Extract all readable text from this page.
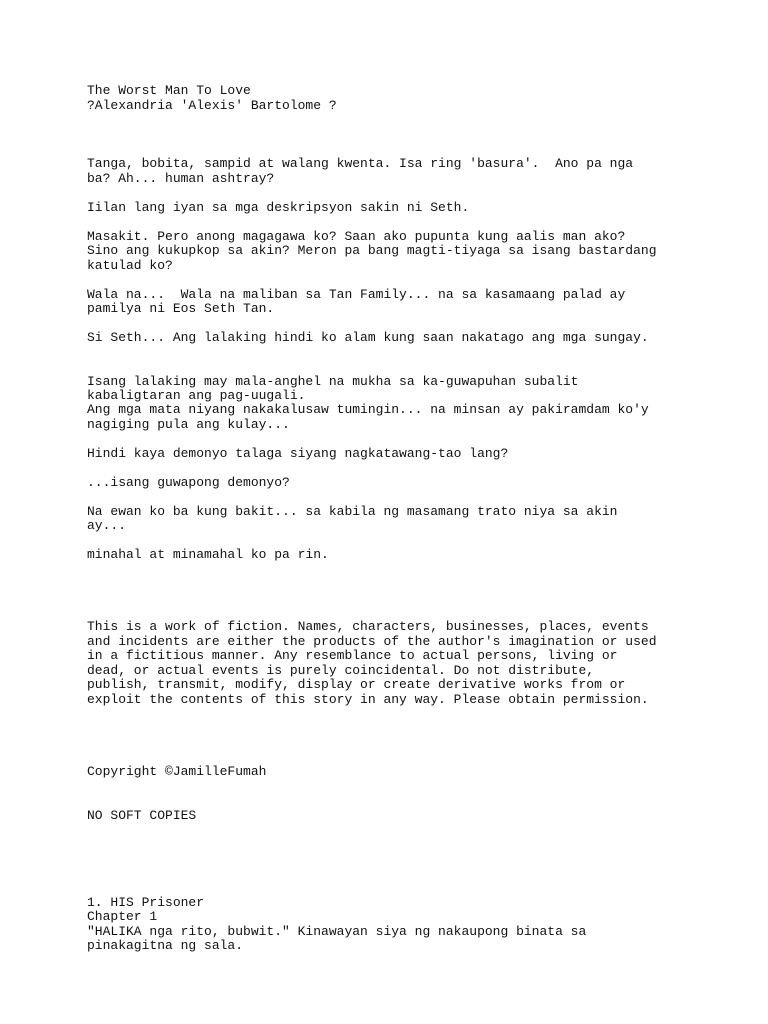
The Worst Man To Love

?Alexandria 'Alexis' Bartolome ?

Tanga, bobita, sampid at walang kwenta. Isa ring 'basura'.  Ano pa nga

ba? Ah... human ashtray?

Iilan lang iyan sa mga deskripsyon sakin ni Seth.

Masakit. Pero anong magagawa ko? Saan ako pupunta kung aalis man ako?

Sino ang kukupkop sa akin? Meron pa bang magti-tiyaga sa isang bastardang

katulad ko?

Wala na...  Wala na maliban sa Tan Family... na sa kasamaang palad ay

pamilya ni Eos Seth Tan.

Si Seth... Ang lalaking hindi ko alam kung saan nakatago ang mga sungay.

Isang lalaking may mala-anghel na mukha sa ka-guwapuhan subalit

kabaligtaran ang pag-uugali.

Ang mga mata niyang nakakalusaw tumingin... na minsan ay pakiramdam ko'y

nagiging pula ang kulay...

Hindi kaya demonyo talaga siyang nagkatawang-tao lang?

...isang guwapong demonyo?

Na ewan ko ba kung bakit... sa kabila ng masamang trato niya sa akin

ay...

minahal at minamahal ko pa rin.

This is a work of fiction. Names, characters, businesses, places, events

and incidents are either the products of the author's imagination or used

in a fictitious manner. Any resemblance to actual persons, living or

dead, or actual events is purely coincidental. Do not distribute,

publish, transmit, modify, display or create derivative works from or

exploit the contents of this story in any way. Please obtain permission.

Copyright ©JamilleFumah

NO SOFT COPIES

1. HIS Prisoner

Chapter 1

"HALIKA nga rito, bubwit." Kinawayan siya ng nakaupong binata sa

pinakagitna ng sala.
